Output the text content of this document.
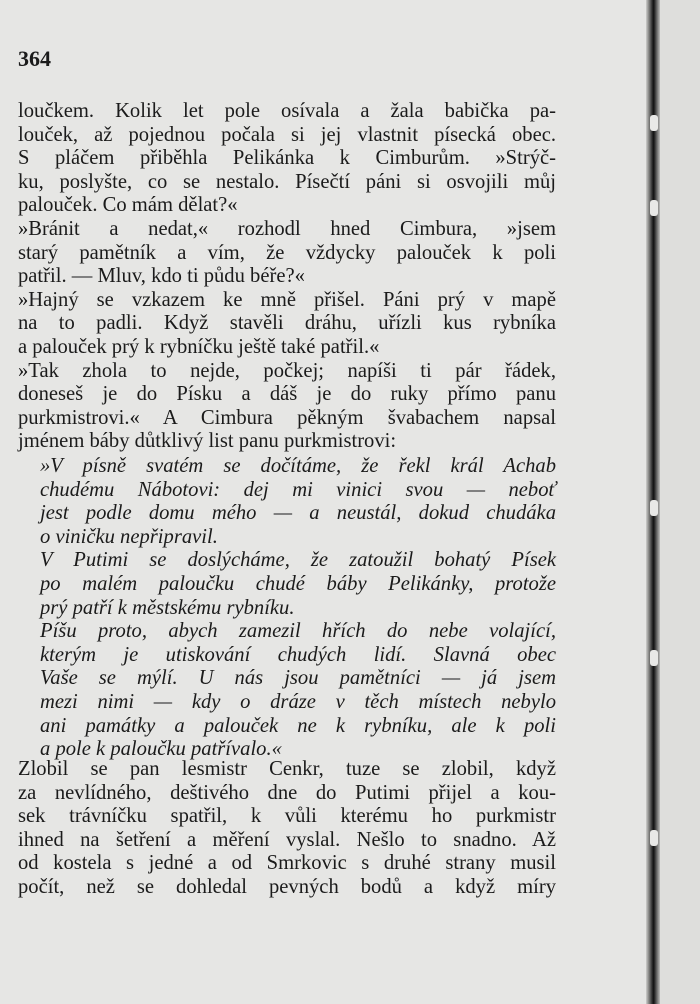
364
loučkem. Kolik let pole osívala a žala babička pa-
louček, až pojednou počala si jej vlastnit písecká obec.
S pláčem přiběhla Pelikánka k Cimburům. »Strýč-
ku, poslyšte, co se nestalo. Písečtí páni si osvojili můj
palouček. Co mám dělat?«
»Bránit a nedat,« rozhodl hned Cimbura, »jsem
starý pamětník a vím, že vždycky palouček k poli
patřil. — Mluv, kdo ti půdu béře?«
»Hajný se vzkazem ke mně přišel. Páni prý v mapě
na to padli. Když stavěli dráhu, uřízli kus rybníka
a palouček prý k rybníčku ještě také patřil.«
»Tak zhola to nejde, počkej; napíši ti pár řádek,
doneseš je do Písku a dáš je do ruky přímo panu
purkmistrovi.« A Cimbura pěkným švabachem napsal
jménem báby důtklivý list panu purkmistrovi:
»V písně svatém se dočítáme, že řekl král Achab
chudému Nábotovi: dej mi vinici svou — neboť
jest podle domu mého — a neustál, dokud chudáka
o viničku nepřipravil.
V Putimi se doslýcháme, že zatoužil bohatý Písek
po malém paloučku chudé báby Pelikánky, protože
prý patří k městskému rybníku.
Píšu proto, abych zamezil hřích do nebe volající,
kterým je utiskování chudých lidí. Slavná obec
Vaše se mýlí. U nás jsou pamětníci — já jsem
mezi nimi — kdy o dráze v těch místech nebylo
ani památky a palouček ne k rybníku, ale k poli
a pole k paloučku patřívalo.«
Zlobil se pan lesmistr Cenkr, tuze se zlobil, když
za nevlídného, deštivého dne do Putimi přijel a kou-
sek trávníčku spatřil, k vůli kterému ho purkmistr
ihned na šetření a měření vyslal. Nešlo to snadno. Až
od kostela s jedné a od Smrkovic s druhé strany musil
počít, než se dohledal pevných bodů a když míry
